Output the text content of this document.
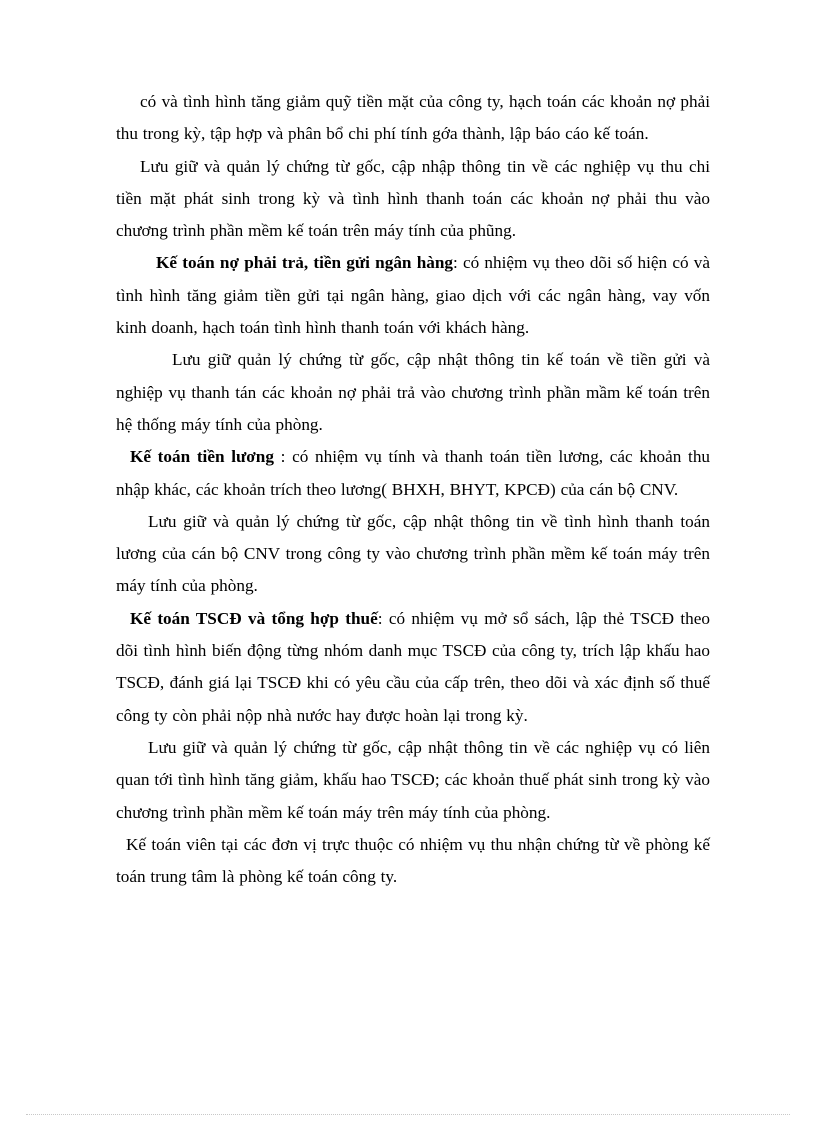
có và tình hình tăng giảm quỹ tiền mặt của công ty, hạch toán các khoản nợ phải thu trong kỳ, tập hợp và phân bổ chi phí tính gớa thành, lập báo cáo kế toán.

Lưu giữ và quản lý chứng từ gốc, cập nhập thông tin về các nghiệp vụ thu chi tiền mặt phát sinh trong kỳ và tình hình thanh toán các khoản nợ phải thu vào chương trình phần mềm kế toán trên máy tính của phũng.

Kế toán nợ phải trả, tiền gửi ngân hàng: có nhiệm vụ theo dõi số hiện có và tình hình tăng giảm tiền gửi tại ngân hàng, giao dịch với các ngân hàng, vay vốn kinh doanh, hạch toán tình hình thanh toán với khách hàng.

Lưu giữ quản lý chứng từ gốc, cập nhật thông tin kế toán về tiền gửi và nghiệp vụ thanh tán các khoản nợ phải trả vào chương trình phần mầm kế toán trên hệ thống máy tính của phòng.

Kế toán tiền lương : có nhiệm vụ tính và thanh toán tiền lương, các khoản thu nhập khác, các khoản trích theo lương( BHXH, BHYT, KPCĐ) của cán bộ CNV.

Lưu giữ và quản lý chứng từ gốc, cập nhật thông tin về tình hình thanh toán lương của cán bộ CNV trong công ty vào chương trình phần mềm kế toán máy trên máy tính của phòng.

Kế toán TSCĐ và tổng hợp thuế: có nhiệm vụ mở sổ sách, lập thẻ TSCĐ theo dõi tình hình biến động từng nhóm danh mục TSCĐ của công ty, trích lập khấu hao TSCĐ, đánh giá lại TSCĐ khi có yêu cầu của cấp trên, theo dõi và xác định số thuế công ty còn phải nộp nhà nước hay được hoàn lại trong kỳ.

Lưu giữ và quản lý chứng từ gốc, cập nhật thông tin về các nghiệp vụ có liên quan tới tình hình tăng giảm, khấu hao TSCĐ; các khoản thuế phát sinh trong kỳ vào chương trình phần mềm kế toán máy trên máy tính của phòng.

Kế toán viên tại các đơn vị trực thuộc có nhiệm vụ thu nhận chứng từ về phòng kế toán trung tâm là phòng kế toán công ty.
